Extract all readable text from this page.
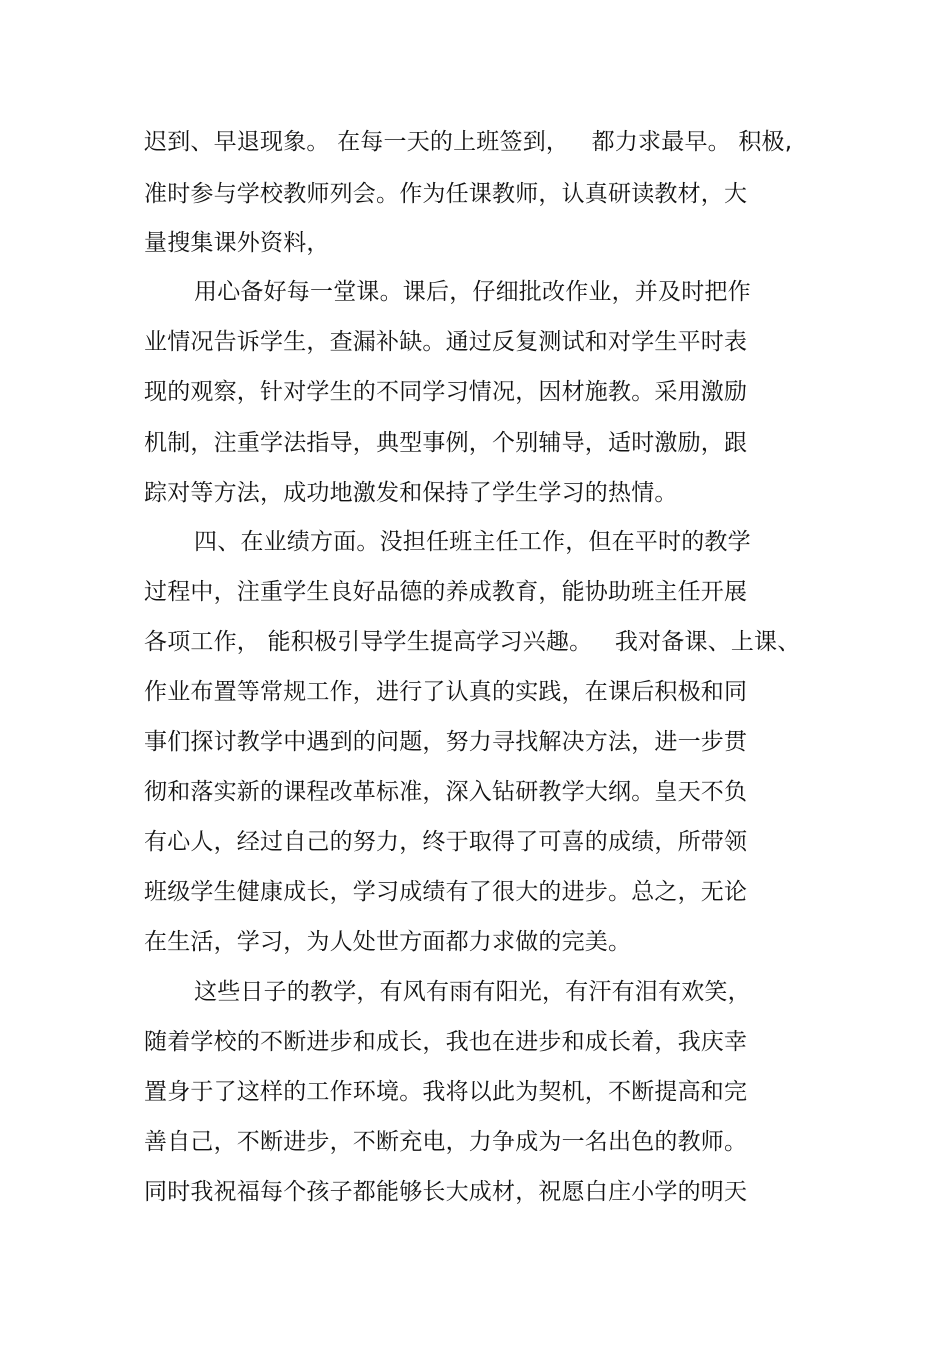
迟到、早退现象。 在每一天的上班签到，   都力求最早。 积极,
准时参与学校教师列会。作为任课教师，认真研读教材，大
量搜集课外资料，
用心备好每一堂课。课后，仔细批改作业，并及时把作
业情况告诉学生，查漏补缺。通过反复测试和对学生平时表
现的观察，针对学生的不同学习情况，因材施教。采用激励
机制，注重学法指导，典型事例，个别辅导，适时激励，跟
踪对等方法，成功地激发和保持了学生学习的热情。
四、在业绩方面。没担任班主任工作，但在平时的教学
过程中，注重学生良好品德的养成教育，能协助班主任开展
各项工作， 能积极引导学生提高学习兴趣。   我对备课、上课、
作业布置等常规工作，进行了认真的实践，在课后积极和同
事们探讨教学中遇到的问题，努力寻找解决方法，进一步贯
彻和落实新的课程改革标准，深入钻研教学大纲。皇天不负
有心人，经过自己的努力，终于取得了可喜的成绩，所带领
班级学生健康成长，学习成绩有了很大的进步。总之，无论
在生活，学习，为人处世方面都力求做的完美。
这些日子的教学，有风有雨有阳光，有汗有泪有欢笑，
随着学校的不断进步和成长，我也在进步和成长着，我庆幸
置身于了这样的工作环境。我将以此为契机，不断提高和完
善自己，不断进步，不断充电，力争成为一名出色的教师。
同时我祝福每个孩子都能够长大成材，祝愿白庄小学的明天
